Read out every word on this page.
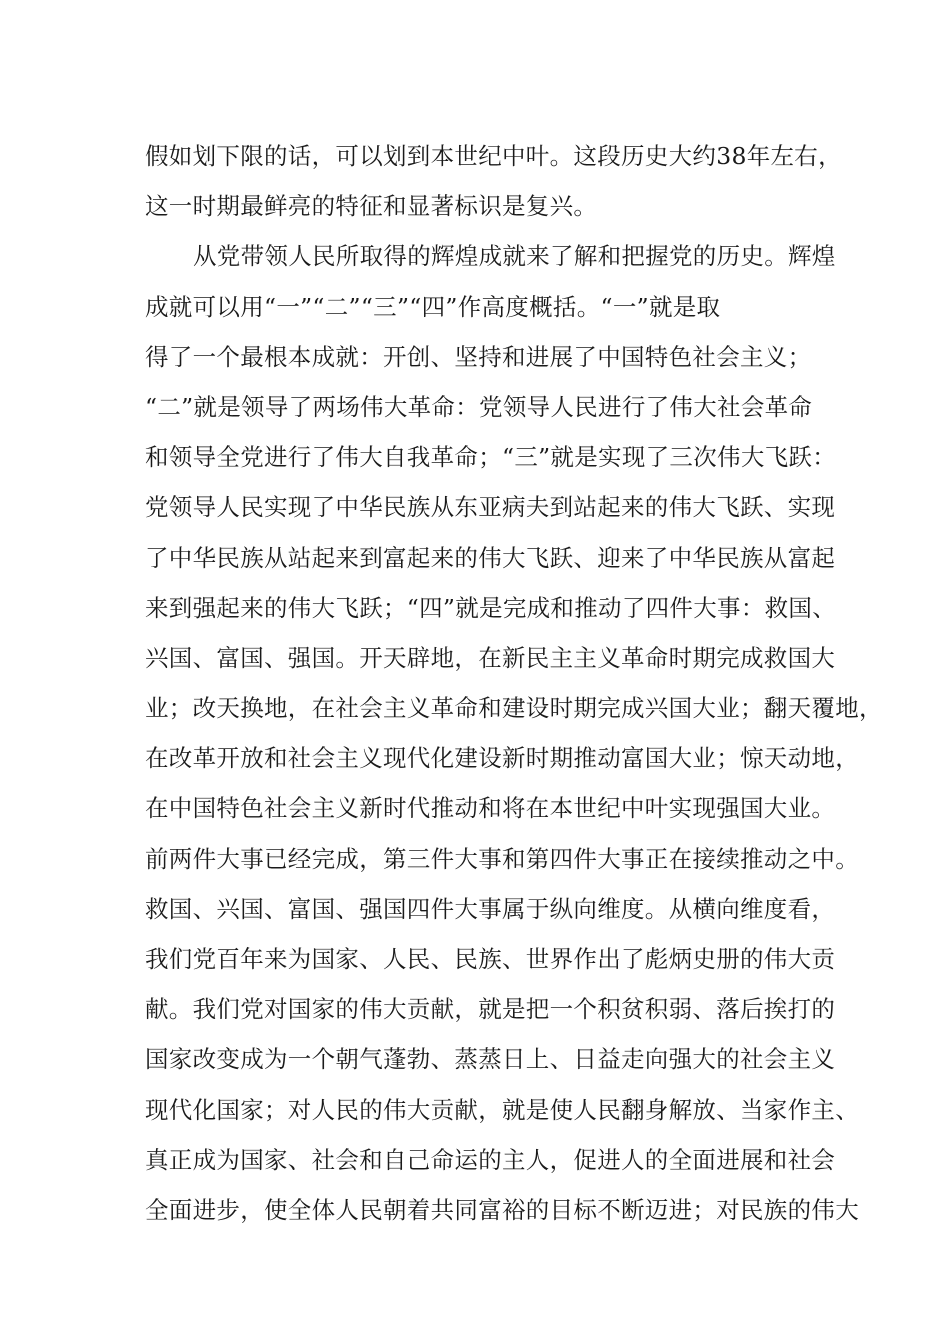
假如划下限的话，可以划到本世纪中叶。这段历史大约38年左右，
这一时期最鲜亮的特征和显著标识是复兴。
从党带领人民所取得的辉煌成就来了解和把握党的历史。辉煌
成就可以用“一”“二”“三”“四”作高度概括。“一”就是取
得了一个最根本成就：开创、坚持和进展了中国特色社会主义；
“二”就是领导了两场伟大革命：党领导人民进行了伟大社会革命
和领导全党进行了伟大自我革命；“三”就是实现了三次伟大飞跃：
党领导人民实现了中华民族从东亚病夫到站起来的伟大飞跃、实现
了中华民族从站起来到富起来的伟大飞跃、迎来了中华民族从富起
来到强起来的伟大飞跃；“四”就是完成和推动了四件大事：救国、
兴国、富国、强国。开天辟地，在新民主主义革命时期完成救国大
业；改天换地，在社会主义革命和建设时期完成兴国大业；翻天覆地，
在改革开放和社会主义现代化建设新时期推动富国大业；惊天动地，
在中国特色社会主义新时代推动和将在本世纪中叶实现强国大业。
前两件大事已经完成，第三件大事和第四件大事正在接续推动之中。
救国、兴国、富国、强国四件大事属于纵向维度。从横向维度看，
我们党百年来为国家、人民、民族、世界作出了彪炳史册的伟大贡
献。我们党对国家的伟大贡献，就是把一个积贫积弱、落后挨打的
国家改变成为一个朝气蓬勃、蒸蒸日上、日益走向强大的社会主义
现代化国家；对人民的伟大贡献，就是使人民翻身解放、当家作主、
真正成为国家、社会和自己命运的主人，促进人的全面进展和社会
全面进步，使全体人民朝着共同富裕的目标不断迈进；对民族的伟大
